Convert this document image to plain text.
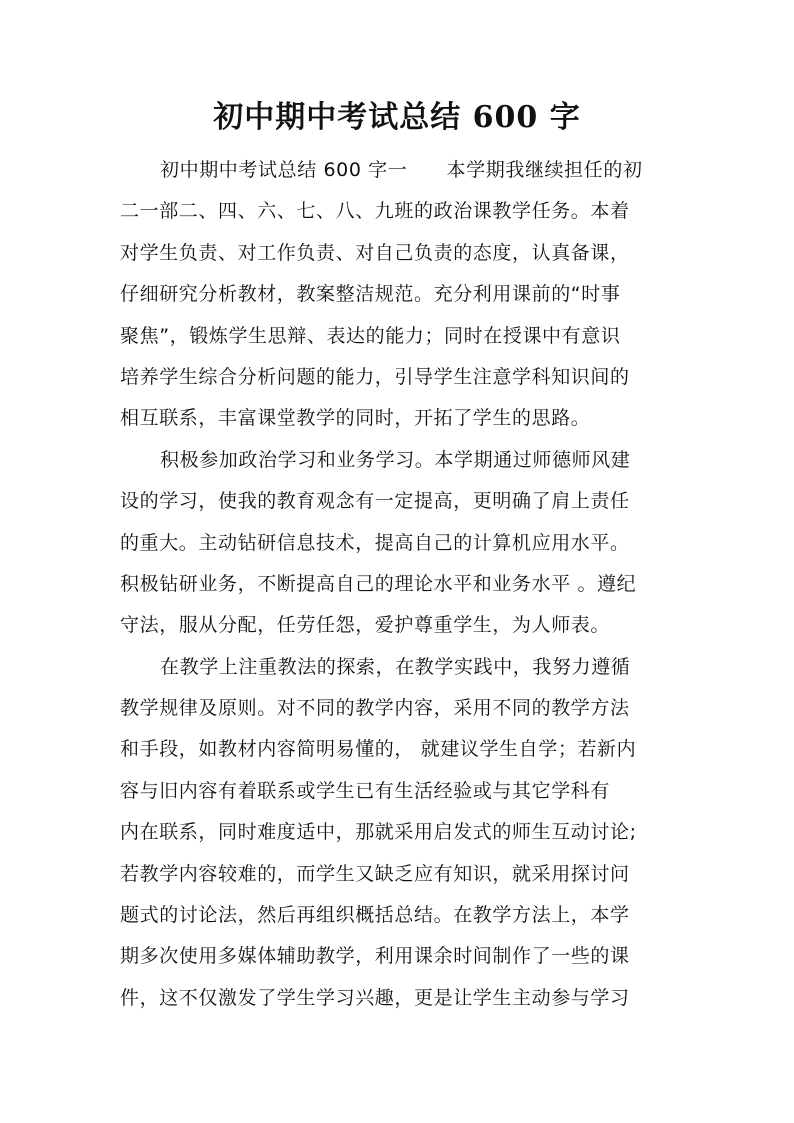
初中期中考试总结 600 字
初中期中考试总结 600 字一　　本学期我继续担任的初
二一部二、四、六、七、八、九班的政治课教学任务。本着
对学生负责、对工作负责、对自己负责的态度，认真备课，
仔细研究分析教材，教案整洁规范。充分利用课前的“时事
聚焦”，锻炼学生思辩、表达的能力；同时在授课中有意识
培养学生综合分析问题的能力，引导学生注意学科知识间的
相互联系，丰富课堂教学的同时，开拓了学生的思路。
积极参加政治学习和业务学习。本学期通过师德师风建
设的学习，使我的教育观念有一定提高，更明确了肩上责任
的重大。主动钻研信息技术，提高自己的计算机应用水平。
积极钻研业务，不断提高自己的理论水平和业务水平 。遵纪
守法，服从分配，任劳任怨，爱护尊重学生，为人师表。
在教学上注重教法的探索，在教学实践中，我努力遵循
教学规律及原则。对不同的教学内容，采用不同的教学方法
和手段，如教材内容简明易懂的， 就建议学生自学；若新内
容与旧内容有着联系或学生已有生活经验或与其它学科有
内在联系，同时难度适中，那就采用启发式的师生互动讨论;
若教学内容较难的，而学生又缺乏应有知识，就采用探讨问
题式的讨论法，然后再组织概括总结。在教学方法上，本学
期多次使用多媒体辅助教学，利用课余时间制作了一些的课
件，这不仅激发了学生学习兴趣，更是让学生主动参与学习
